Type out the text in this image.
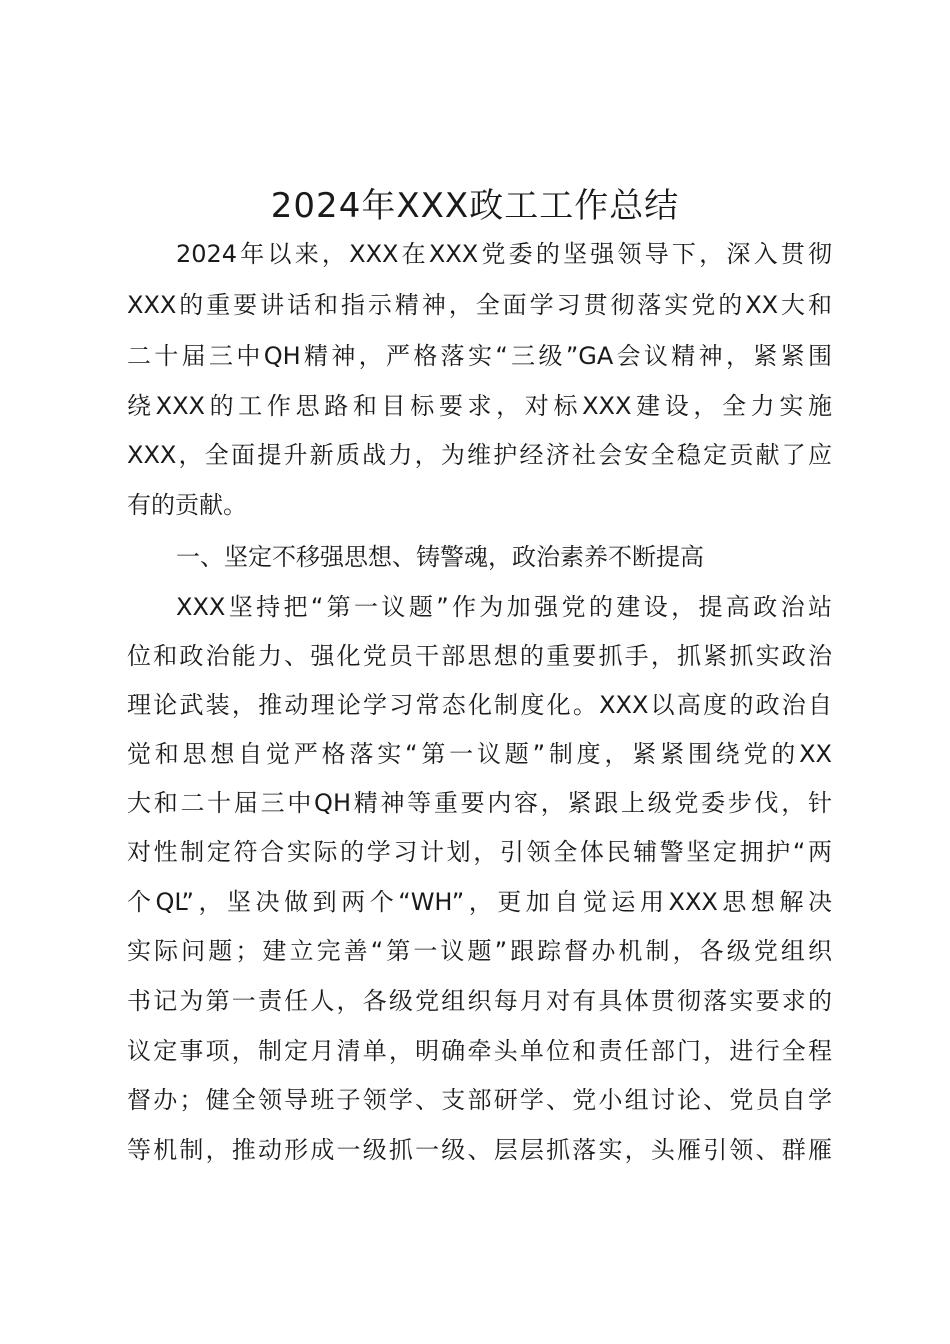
2024年XXX政工工作总结
2024年以来，XXX在XXX党委的坚强领导下，深入贯彻
XXX的重要讲话和指示精神，全面学习贯彻落实党的XX大和
二十届三中QH精神，严格落实“三级”GA会议精神，紧紧围
绕XXX的工作思路和目标要求，对标XXX建设，全力实施
XXX，全面提升新质战力，为维护经济社会安全稳定贡献了应
有的贡献。
一、坚定不移强思想、铸警魂，政治素养不断提高
XXX坚持把“第一议题”作为加强党的建设，提高政治站
位和政治能力、强化党员干部思想的重要抓手，抓紧抓实政治
理论武装，推动理论学习常态化制度化。XXX以高度的政治自
觉和思想自觉严格落实“第一议题”制度，紧紧围绕党的XX
大和二十届三中QH精神等重要内容，紧跟上级党委步伐，针
对性制定符合实际的学习计划，引领全体民辅警坚定拥护“两
个QL”，坚决做到两个“WH”，更加自觉运用XXX思想解决
实际问题；建立完善“第一议题”跟踪督办机制，各级党组织
书记为第一责任人，各级党组织每月对有具体贯彻落实要求的
议定事项，制定月清单，明确牵头单位和责任部门，进行全程
督办；健全领导班子领学、支部研学、党小组讨论、党员自学
等机制，推动形成一级抓一级、层层抓落实，头雁引领、群雁
